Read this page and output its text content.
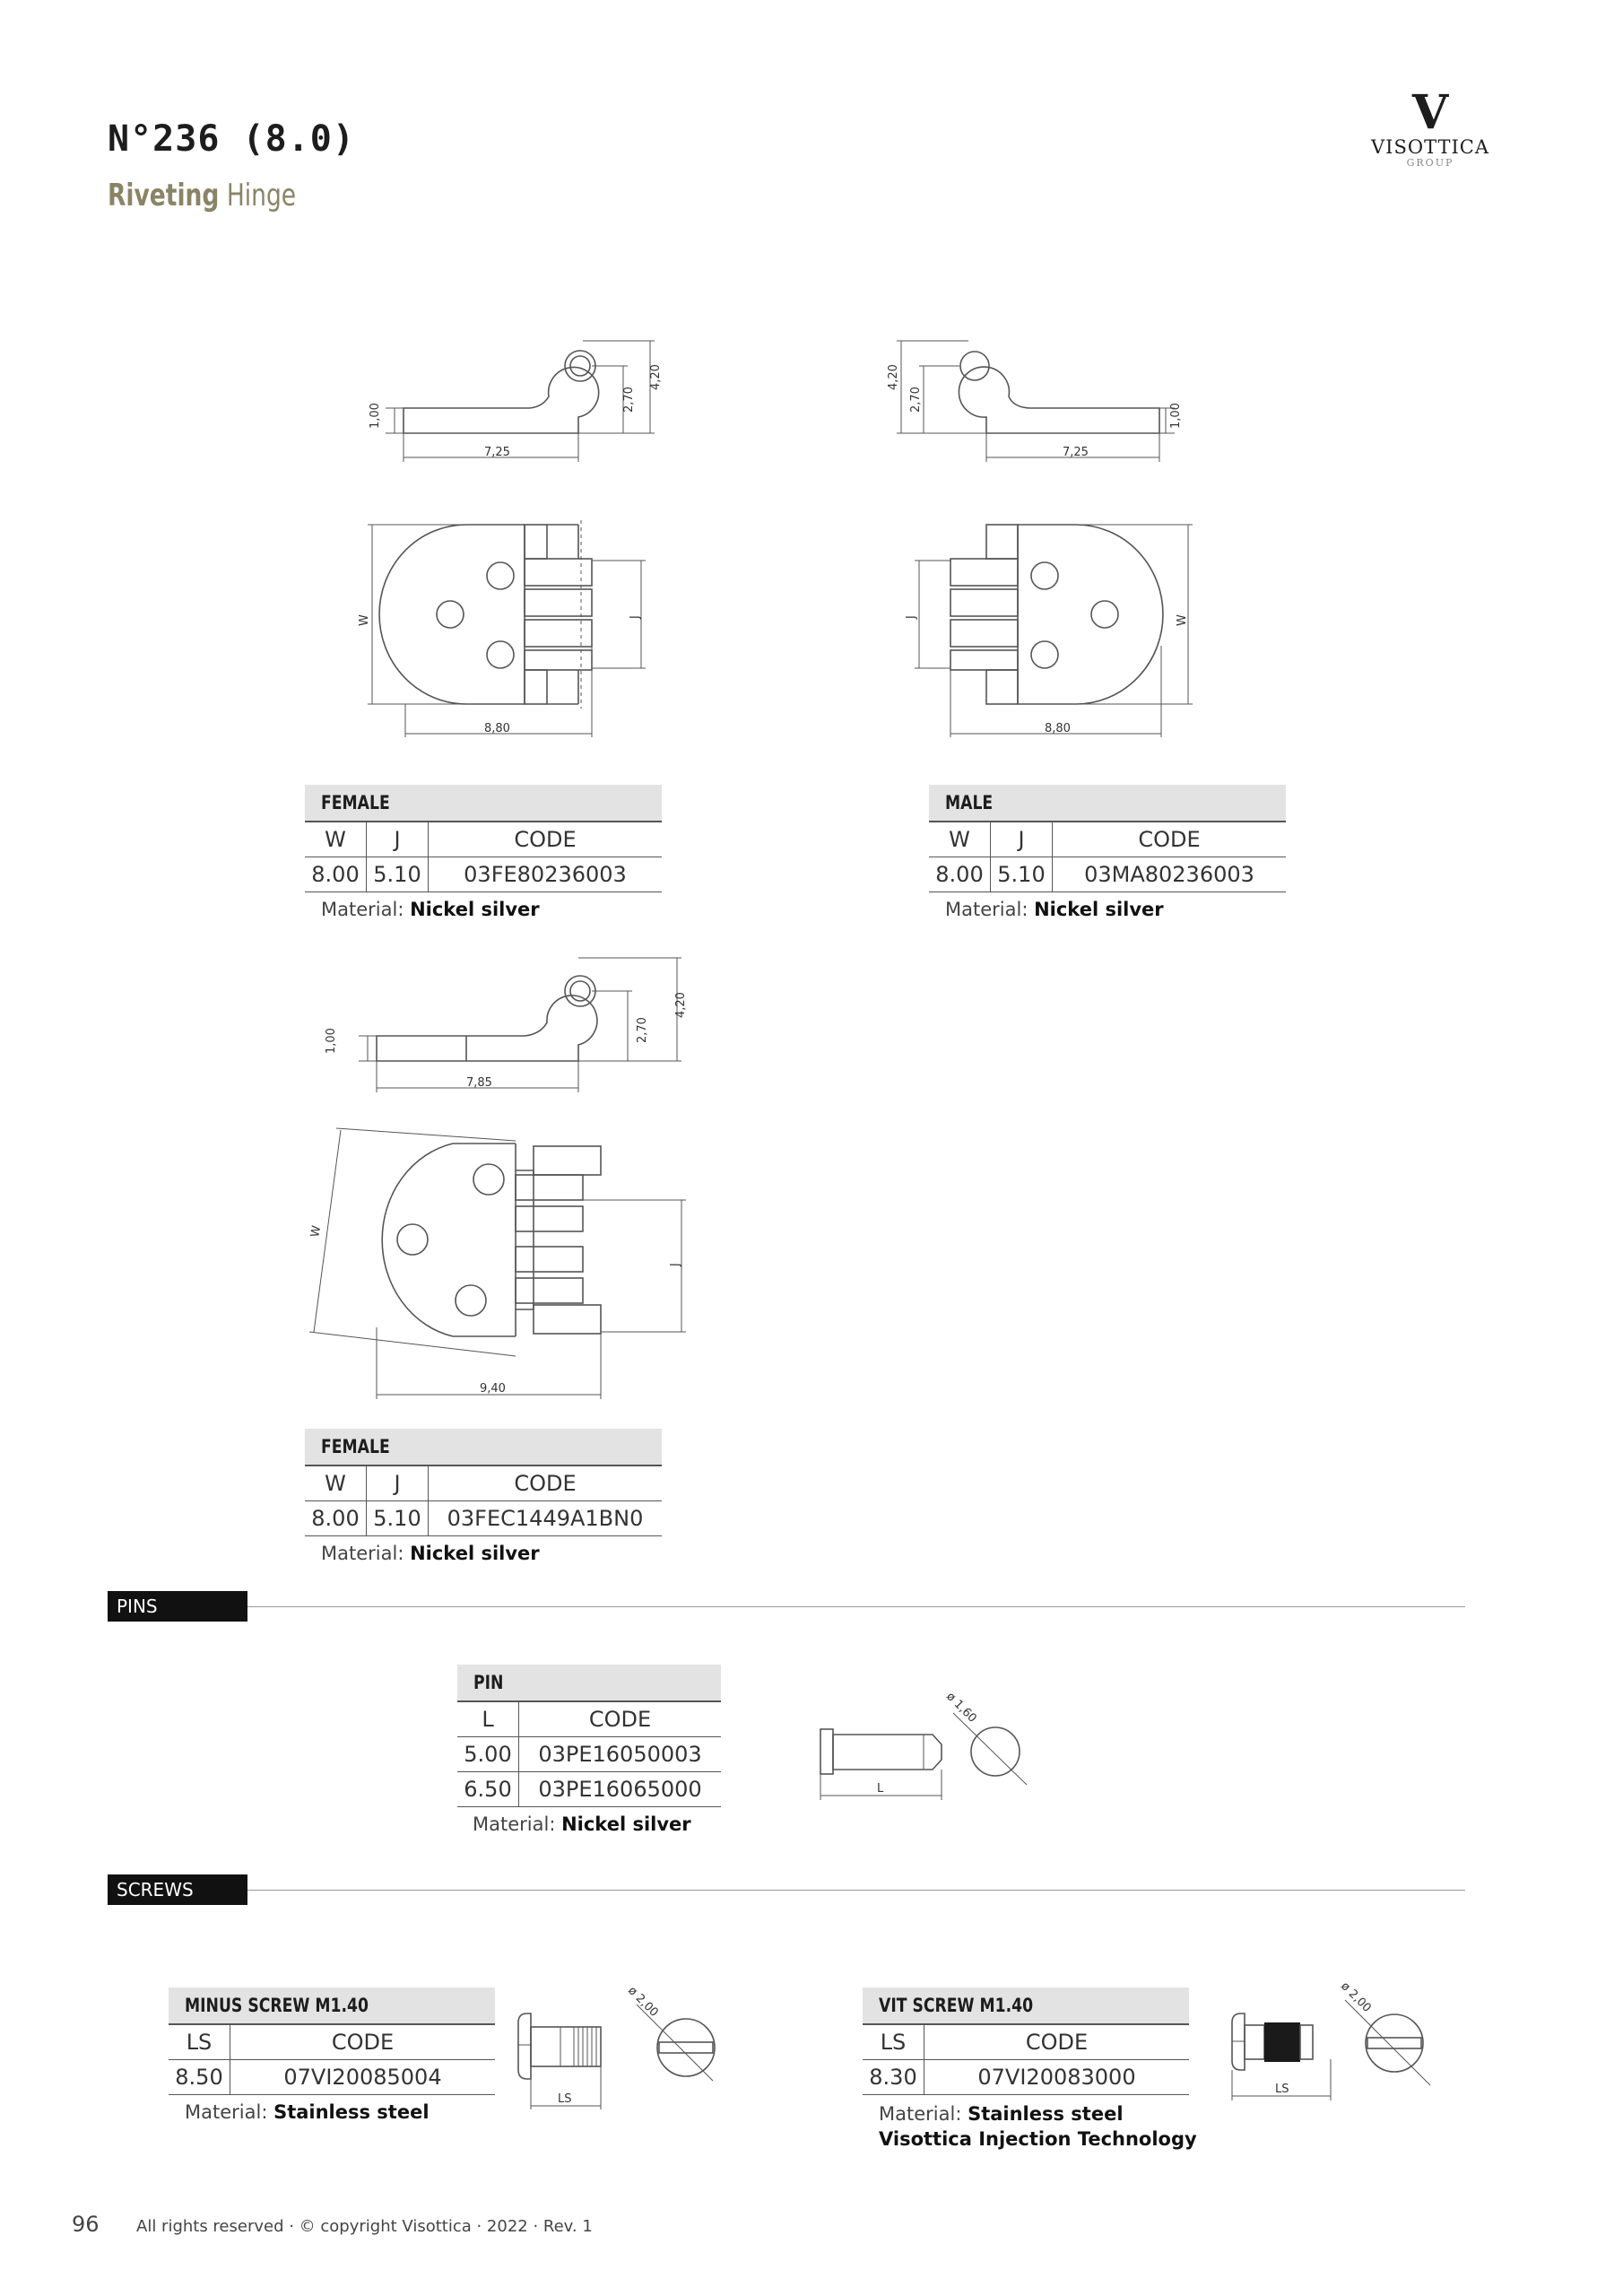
N°236 (8.0)
Riveting Hinge
V
VISOTTICA
GROUP
1,00
2,70
4,20
7,25
1,00
2,70
4,20
7,25
W	J
8,80
W
J
8,80
FEMALE		
W	J	CODE
8.00	5.10	03FE80236003
Material: Nickel silver
MALE		
W	J	CODE
8.00	5.10	03MA80236003
Material: Nickel silver
1,00	2,70
4,20
7,85
W
J
9,40
FEMALE		
W	J	CODE
8.00	5.10	03FEC1449A1BN0
Material: Nickel silver
PINS
PIN	
L	CODE
5.00	03PE16050003
6.50	03PE16065000
Material: Nickel silver
ø 1,60
L
SCREWS
MINUS SCREW M1.40	
LS	CODE
8.50	07VI20085004
Material: Stainless steel
ø 2,00
LS
VIT SCREW M1.40	
LS	CODE
8.30	07VI20083000
Material: Stainless steel
Visottica Injection Technology
ø 2,00
LS
96 All rights reserved · © copyright Visottica · 2022 · Rev. 1
